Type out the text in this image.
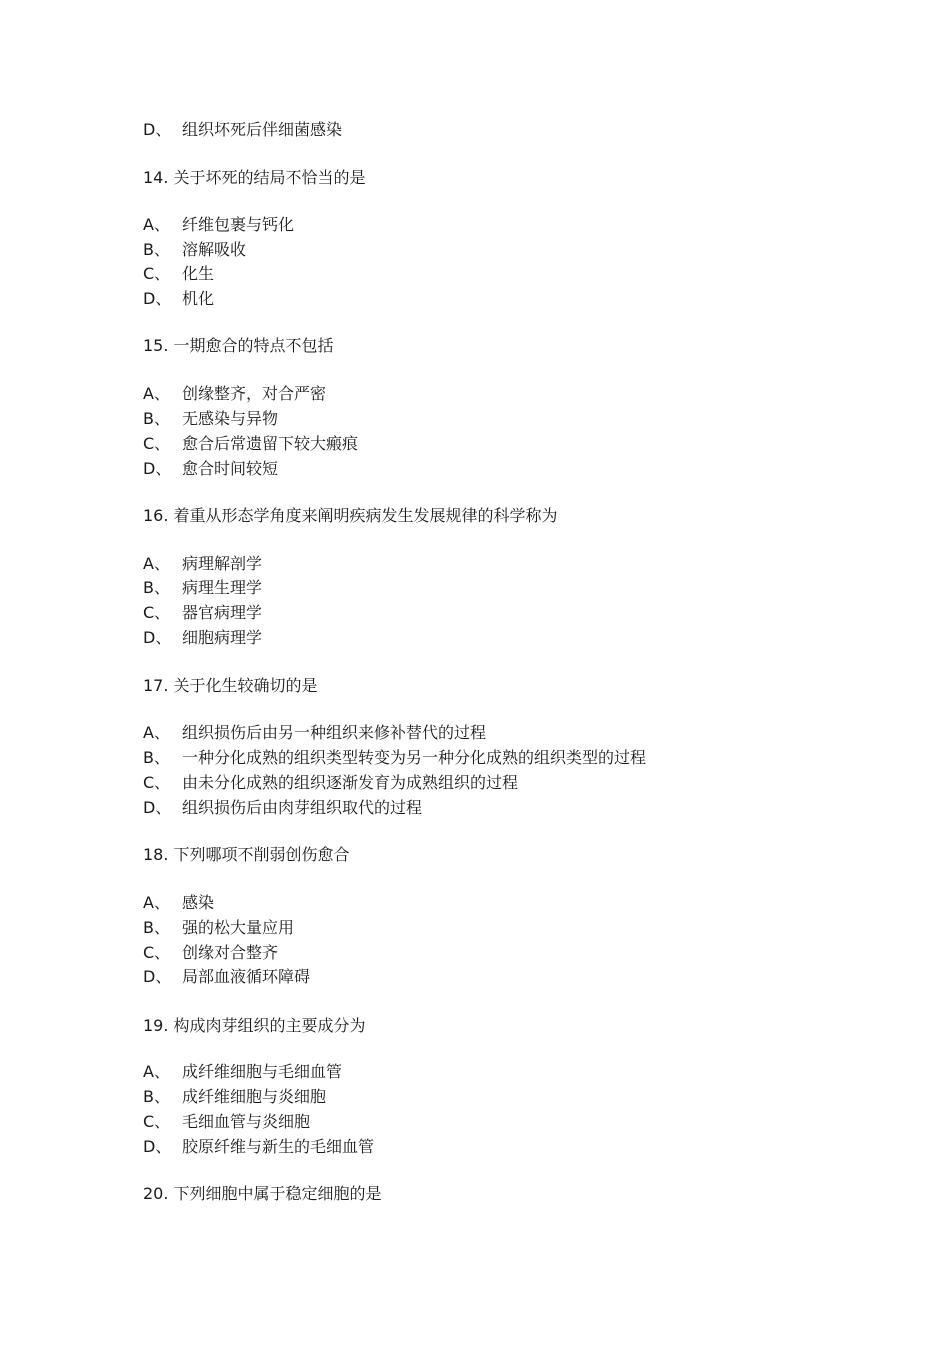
D、 组织坏死后伴细菌感染
14. 关于坏死的结局不恰当的是
A、 纤维包裹与钙化
B、 溶解吸收
C、 化生
D、 机化
15. 一期愈合的特点不包括
A、 创缘整齐，对合严密
B、 无感染与异物
C、 愈合后常遗留下较大瘢痕
D、 愈合时间较短
16. 着重从形态学角度来阐明疾病发生发展规律的科学称为
A、 病理解剖学
B、 病理生理学
C、 器官病理学
D、 细胞病理学
17. 关于化生较确切的是
A、 组织损伤后由另一种组织来修补替代的过程
B、 一种分化成熟的组织类型转变为另一种分化成熟的组织类型的过程
C、 由未分化成熟的组织逐渐发育为成熟组织的过程
D、 组织损伤后由肉芽组织取代的过程
18. 下列哪项不削弱创伤愈合
A、 感染
B、 强的松大量应用
C、 创缘对合整齐
D、 局部血液循环障碍
19. 构成肉芽组织的主要成分为
A、 成纤维细胞与毛细血管
B、 成纤维细胞与炎细胞
C、 毛细血管与炎细胞
D、 胶原纤维与新生的毛细血管
20. 下列细胞中属于稳定细胞的是
